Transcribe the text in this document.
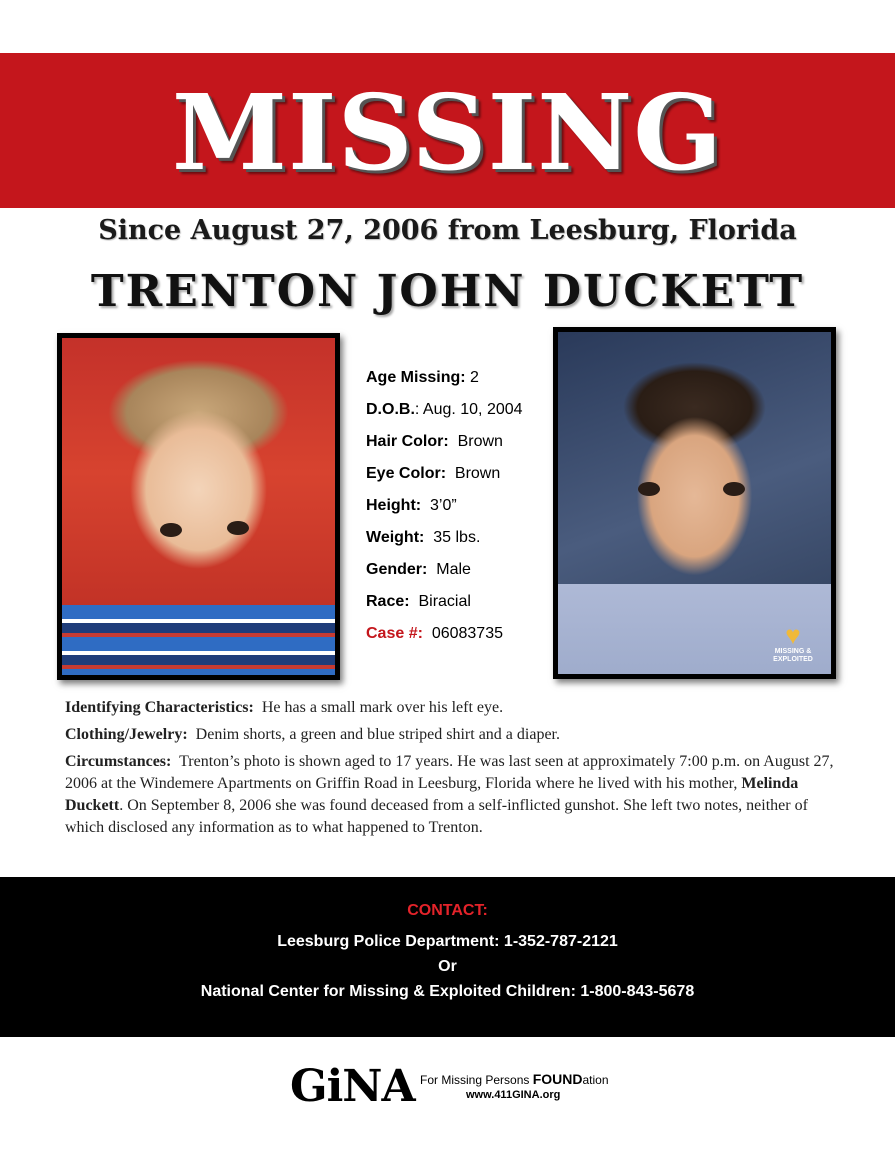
MISSING
Since August 27, 2006 from Leesburg, Florida
TRENTON JOHN DUCKETT
♥
MISSING & EXPLOITED
Age Missing: 2
D.O.B.: Aug. 10, 2004
Hair Color: Brown
Eye Color: Brown
Height: 3’0”
Weight: 35 lbs.
Gender: Male
Race: Biracial
Case #: 06083735

Identifying Characteristics: He has a small mark over his left eye.

Clothing/Jewelry: Denim shorts, a green and blue striped shirt and a diaper.

Circumstances: Trenton’s photo is shown aged to 17 years. He was last seen at approximately 7:00 p.m. on August 27, 2006 at the Windemere Apartments on Griffin Road in Leesburg, Florida where he lived with his mother, Melinda Duckett. On September 8, 2006 she was found deceased from a self-inflicted gunshot. She left two notes, neither of which disclosed any information as to what happened to Trenton.

CONTACT:
Leesburg Police Department: 1-352-787-2121
Or
National Center for Missing & Exploited Children: 1-800-843-5678
GiNA For Missing Persons FOUNDation
www.411GINA.org
